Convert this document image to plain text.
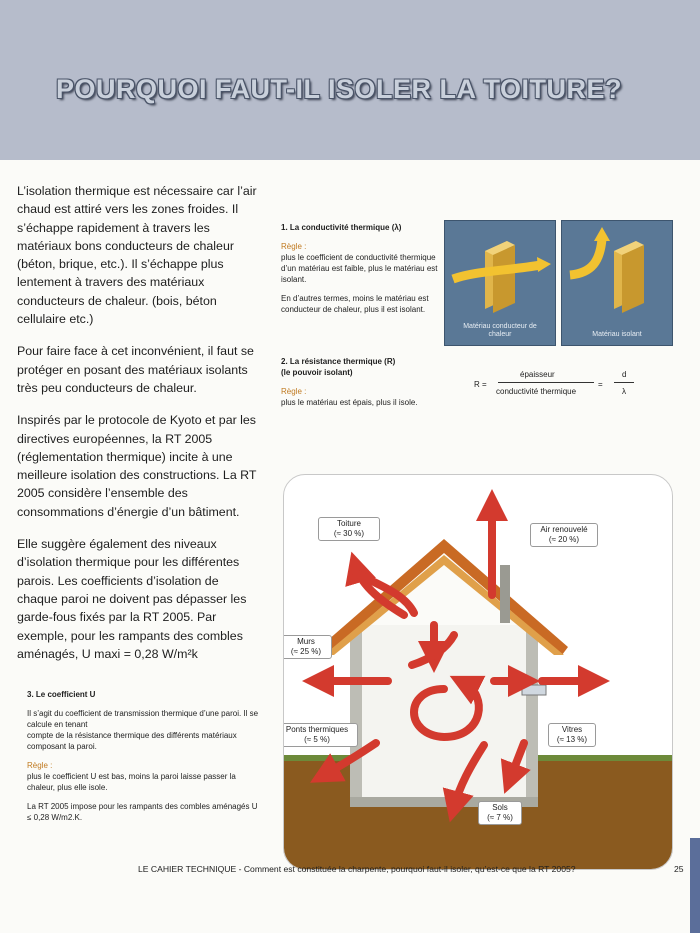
POURQUOI FAUT-IL ISOLER LA TOITURE?

L’isolation thermique est nécessaire car l’air chaud est attiré vers les zones froides. Il s’échappe rapidement à travers les matériaux bons conducteurs de chaleur (béton, brique, etc.). Il s’échappe plus lentement à travers des matériaux conducteurs de chaleur. (bois, béton cellulaire etc.)

Pour faire face à cet inconvénient, il faut se protéger en posant des matériaux isolants très peu conducteurs de chaleur.

Inspirés par le protocole de Kyoto et par les directives européennes, la RT 2005 (réglementation thermique) incite à une meilleure isolation des constructions. La RT 2005 considère l’ensemble des consommations d’énergie d’un bâtiment.

Elle suggère également des niveaux d’isolation thermique pour les différentes parois. Les coefficients d’isolation de chaque paroi ne doivent pas dépasser les garde-fous fixés par la RT 2005. Par exemple, pour les rampants des combles aménagés, U maxi = 0,28 W/m²k

1. La conductivité thermique (λ)

Règle :

plus le coefficient de conductivité thermique d’un matériau est faible, plus le matériau est isolant.

En d’autres termes, moins le matériau est conducteur de chaleur, plus il est isolant.

Matériau conducteur de chaleur	Matériau isolant

2. La résistance thermique (R)

(le pouvoir isolant)

Règle :

plus le matériau est épais, plus il isole.

R =
épaisseur
conductivité thermique
=
d
λ

3. Le coefficient U

Il s’agit du coefficient de transmission thermique d’une paroi. Il se calcule en tenant

compte de la résistance thermique des différents matériaux

composant la paroi.

Règle :

plus le coefficient U est bas, moins la paroi laisse passer la chaleur, plus elle isole.

La RT 2005 impose pour les rampants des combles aménagés U ≤ 0,28 W/m2.K.

Toiture
(≈ 30 %)	Air renouvelé
(≈ 20 %)
Murs
(≈ 25 %)
Ponts thermiques
(≈ 5 %)
Vitres
(≈ 13 %)
Sols
(≈ 7 %)
LE CAHIER TECHNIQUE - Comment est constituée la charpente, pourquoi faut-il isoler, qu’est-ce que la RT 2005?	25
